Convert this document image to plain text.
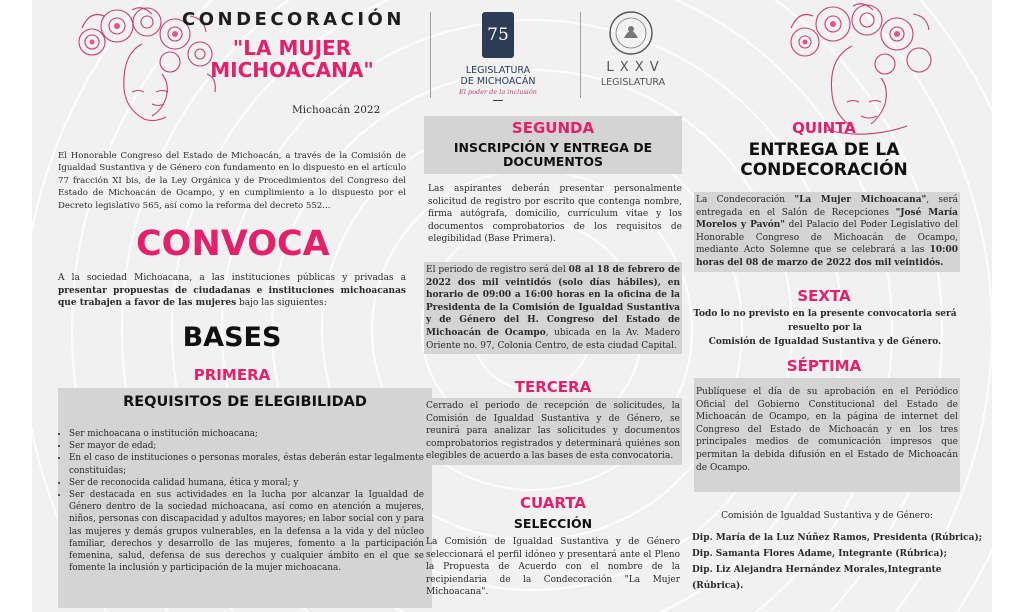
CONDECORACIÓN
"LA MUJER
MICHOACANA"
Michoacán 2022
75
LEGISLATURA
DE MICHOACÁN
El poder de la inclusión
L X X V
LEGISLATURA
El Honorable Congreso del Estado de Michoacán, a través de la Comisión de Igualdad Sustantiva y de Género con fundamento en lo dispuesto en el artículo 77 fracción XI bis, de la Ley Orgánica y de Procedimientos del Congreso del Estado de Michoacán de Ocampo, y en cumplimiento a lo dispuesto por el Decreto legislativo 565, así como la reforma del decreto 552...
CONVOCA
A la sociedad Michoacana, a las instituciones públicas y privadas a presentar propuestas de ciudadanas e instituciones michoacanas que trabajen a favor de las mujeres bajo las siguientes:
BASES
PRIMERA
REQUISITOS DE ELEGIBILIDAD
• Ser michoacana o institución michoacana;
• Ser mayor de edad;
• En el caso de instituciones o personas morales, éstas deberán estar legalmente constituidas;
• Ser de reconocida calidad humana, ética y moral; y
• Ser destacada en sus actividades en la lucha por alcanzar la Igualdad de Género dentro de la sociedad michoacana, así como en atención a mujeres, niños, personas con discapacidad y adultos mayores; en labor social con y para las mujeres y demás grupos vulnerables, en la defensa a la vida y del núcleo familiar, derechos y desarrollo de las mujeres, fomento a la participación femenina, salud, defensa de sus derechos y cualquier ámbito en el que se fomente la inclusión y participación de la mujer michoacana.
SEGUNDA
INSCRIPCIÓN Y ENTREGA DE
DOCUMENTOS
Las aspirantes deberán presentar personalmente solicitud de registro por escrito que contenga nombre, firma autógrafa, domicilio, currículum vitae y los documentos comprobatorios de los requisitos de elegibilidad (Base Primera).
El periodo de registro será del 08 al 18 de febrero de 2022 dos mil veintidós (solo días hábiles), en horario de 09:00 a 16:00 horas en la oficina de la Presidenta de la Comisión de Igualdad Sustantiva y de Género del H. Congreso del Estado de Michoacán de Ocampo, ubicada en la Av. Madero Oriente no. 97, Colonia Centro, de esta ciudad Capital.
TERCERA
Cerrado el periodo de recepción de solicitudes, la Comisión de Igualdad Sustantiva y de Género, se reunirá para analizar las solicitudes y documentos comprobatorios registrados y determinará quiénes son elegibles de acuerdo a las bases de esta convocatoria.
CUARTA
SELECCIÓN
La Comisión de Igualdad Sustantiva y de Género seleccionará el perfil idóneo y presentará ante el Pleno la Propuesta de Acuerdo con el nombre de la recipiendaria de la Condecoración "La Mujer Michoacana".
QUINTA
ENTREGA DE LA
CONDECORACIÓN
La Condecoración "La Mujer Michoacana", será entregada en el Salón de Recepciones "José María Morelos y Pavón" del Palacio del Poder Legislativo del Honorable Congreso de Michoacán de Ocampo, mediante Acto Solemne que se celebrará a las 10:00 horas del 08 de marzo de 2022 dos mil veintidós.
SEXTA
Todo lo no previsto en la presente convocatoria será
resuelto por la
Comisión de Igualdad Sustantiva y de Género.
SÉPTIMA
Publíquese el día de su aprobación en el Periódico Oficial del Gobierno Constitucional del Estado de Michoacán de Ocampo, en la página de internet del Congreso del Estado de Michoacán y en los tres principales medios de comunicación impresos que permitan la debida difusión en el Estado de Michoacán de Ocampo.
Comisión de Igualdad Sustantiva y de Género:
Dip. María de la Luz Núñez Ramos, Presidenta (Rúbrica);
Dip. Samanta Flores Adame, Integrante (Rúbrica);
Dip. Liz Alejandra Hernández Morales,Integrante (Rúbrica).
